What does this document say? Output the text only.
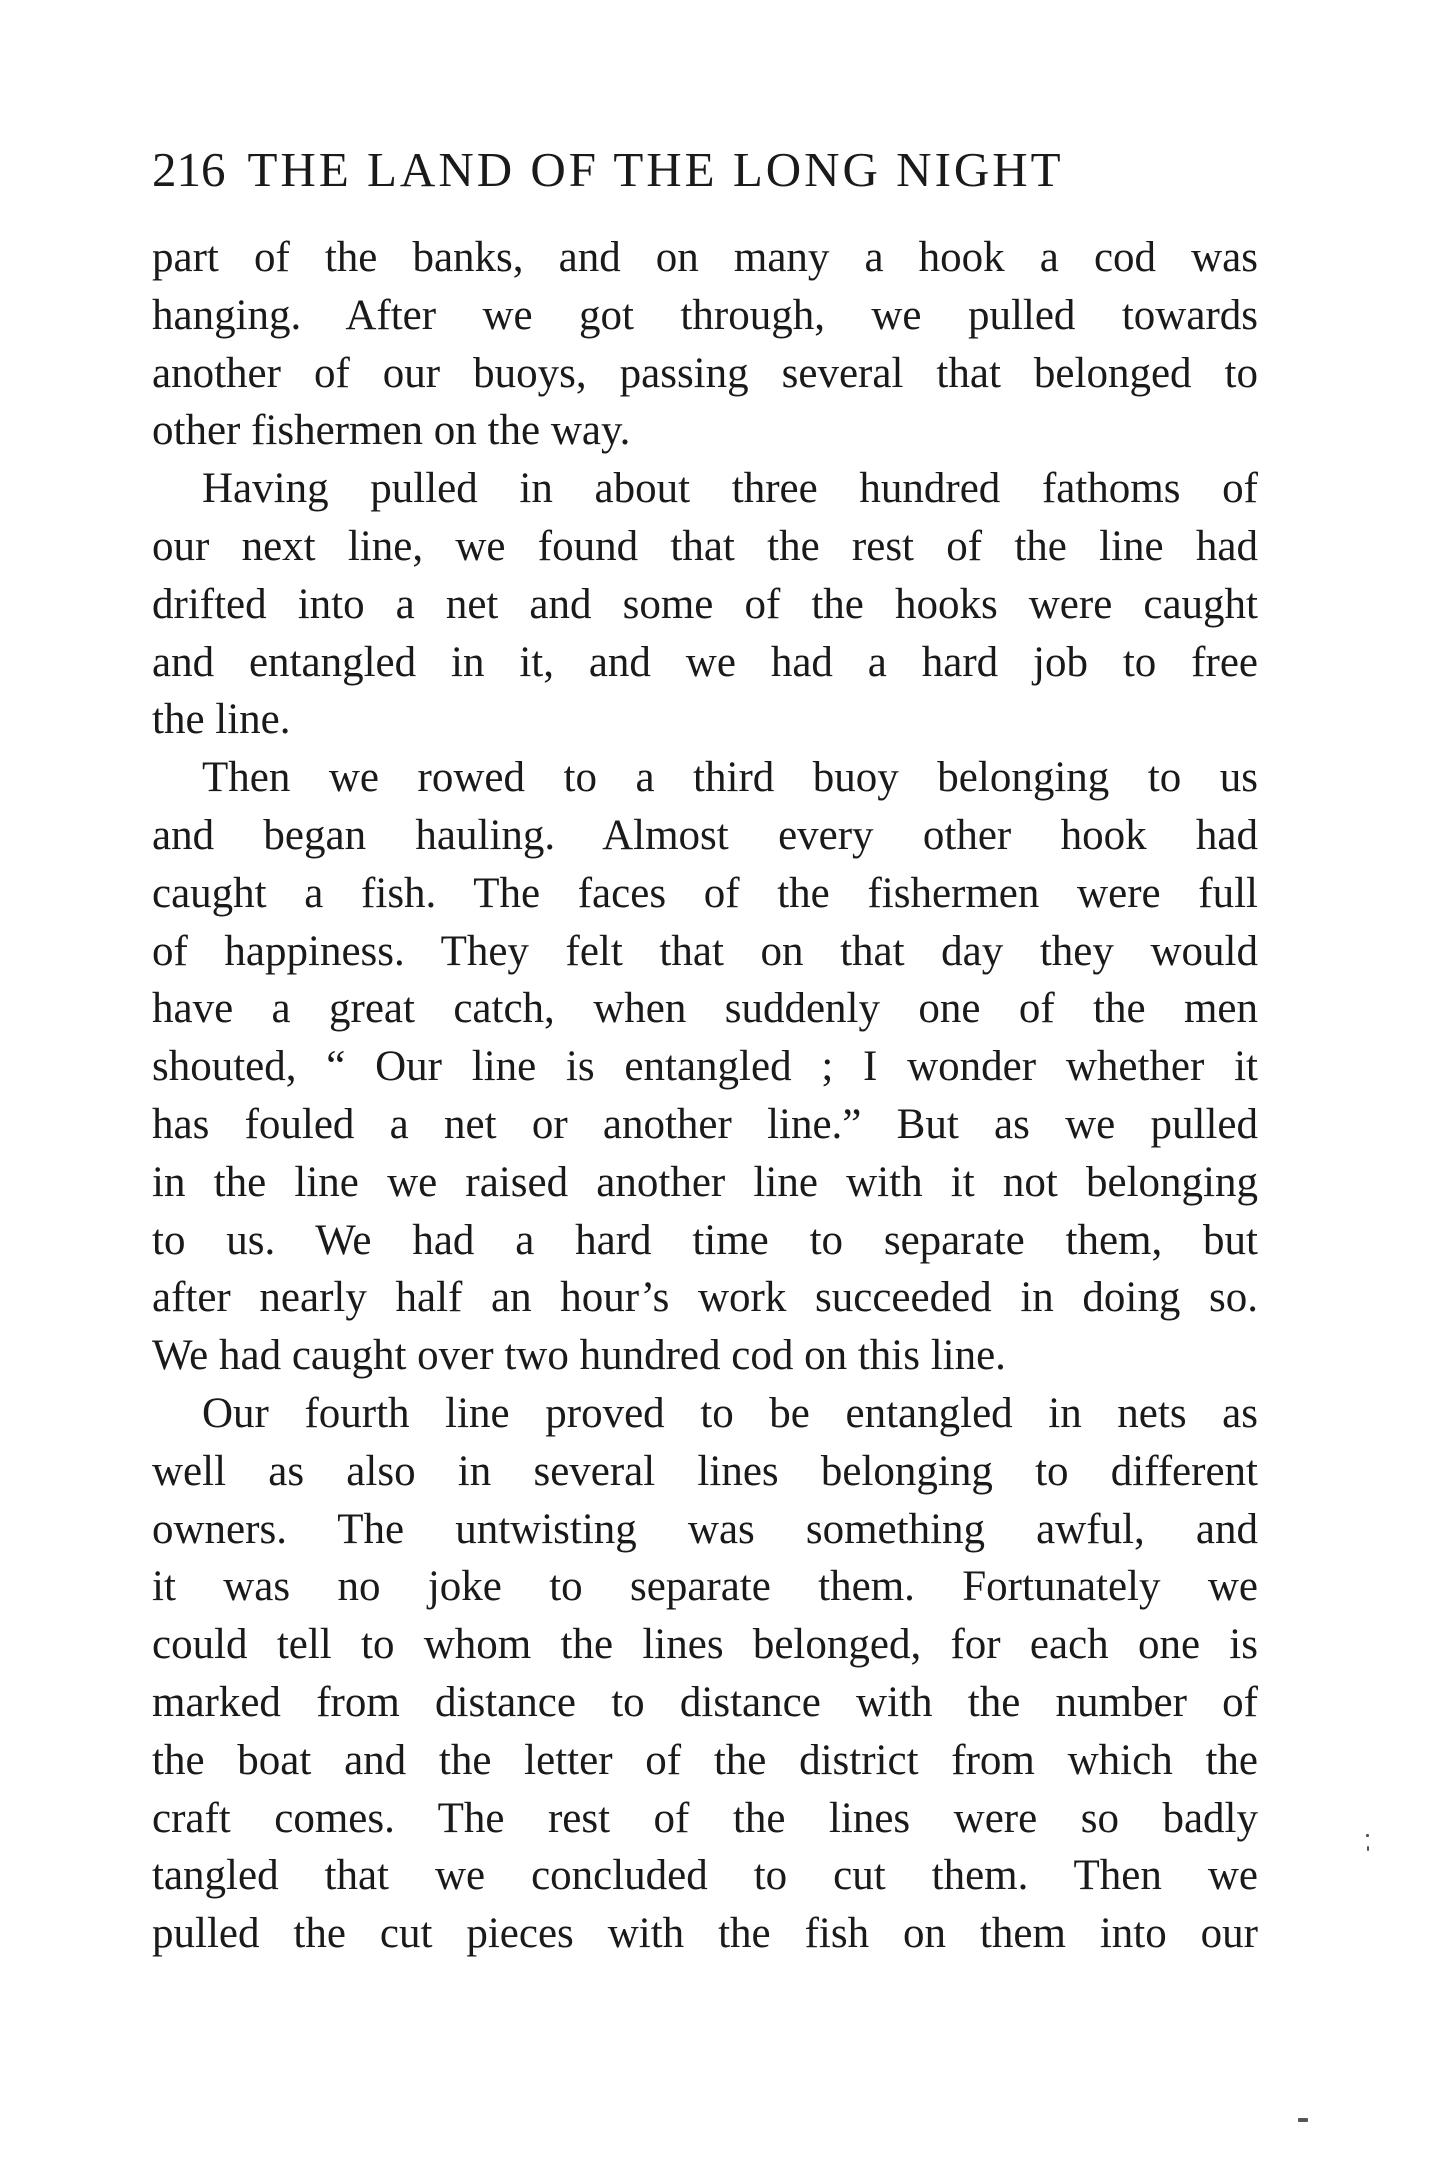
216 THE LAND OF THE LONG NIGHT
part of the banks, and on many a hook a cod was
hanging. After we got through, we pulled towards
another of our buoys, passing several that belonged to
other fishermen on the way.
Having pulled in about three hundred fathoms of
our next line, we found that the rest of the line had
drifted into a net and some of the hooks were caught
and entangled in it, and we had a hard job to free
the line.
Then we rowed to a third buoy belonging to us
and began hauling. Almost every other hook had
caught a fish. The faces of the fishermen were full
of happiness. They felt that on that day they would
have a great catch, when suddenly one of the men
shouted, “ Our line is entangled ; I wonder whether it
has fouled a net or another line.” But as we pulled
in the line we raised another line with it not belonging
to us. We had a hard time to separate them, but
after nearly half an hour’s work succeeded in doing so.
We had caught over two hundred cod on this line.
Our fourth line proved to be entangled in nets as
well as also in several lines belonging to different
owners. The untwisting was something awful, and
it was no joke to separate them. Fortunately we
could tell to whom the lines belonged, for each one is
marked from distance to distance with the number of
the boat and the letter of the district from which the
craft comes. The rest of the lines were so badly
tangled that we concluded to cut them. Then we
pulled the cut pieces with the fish on them into our
